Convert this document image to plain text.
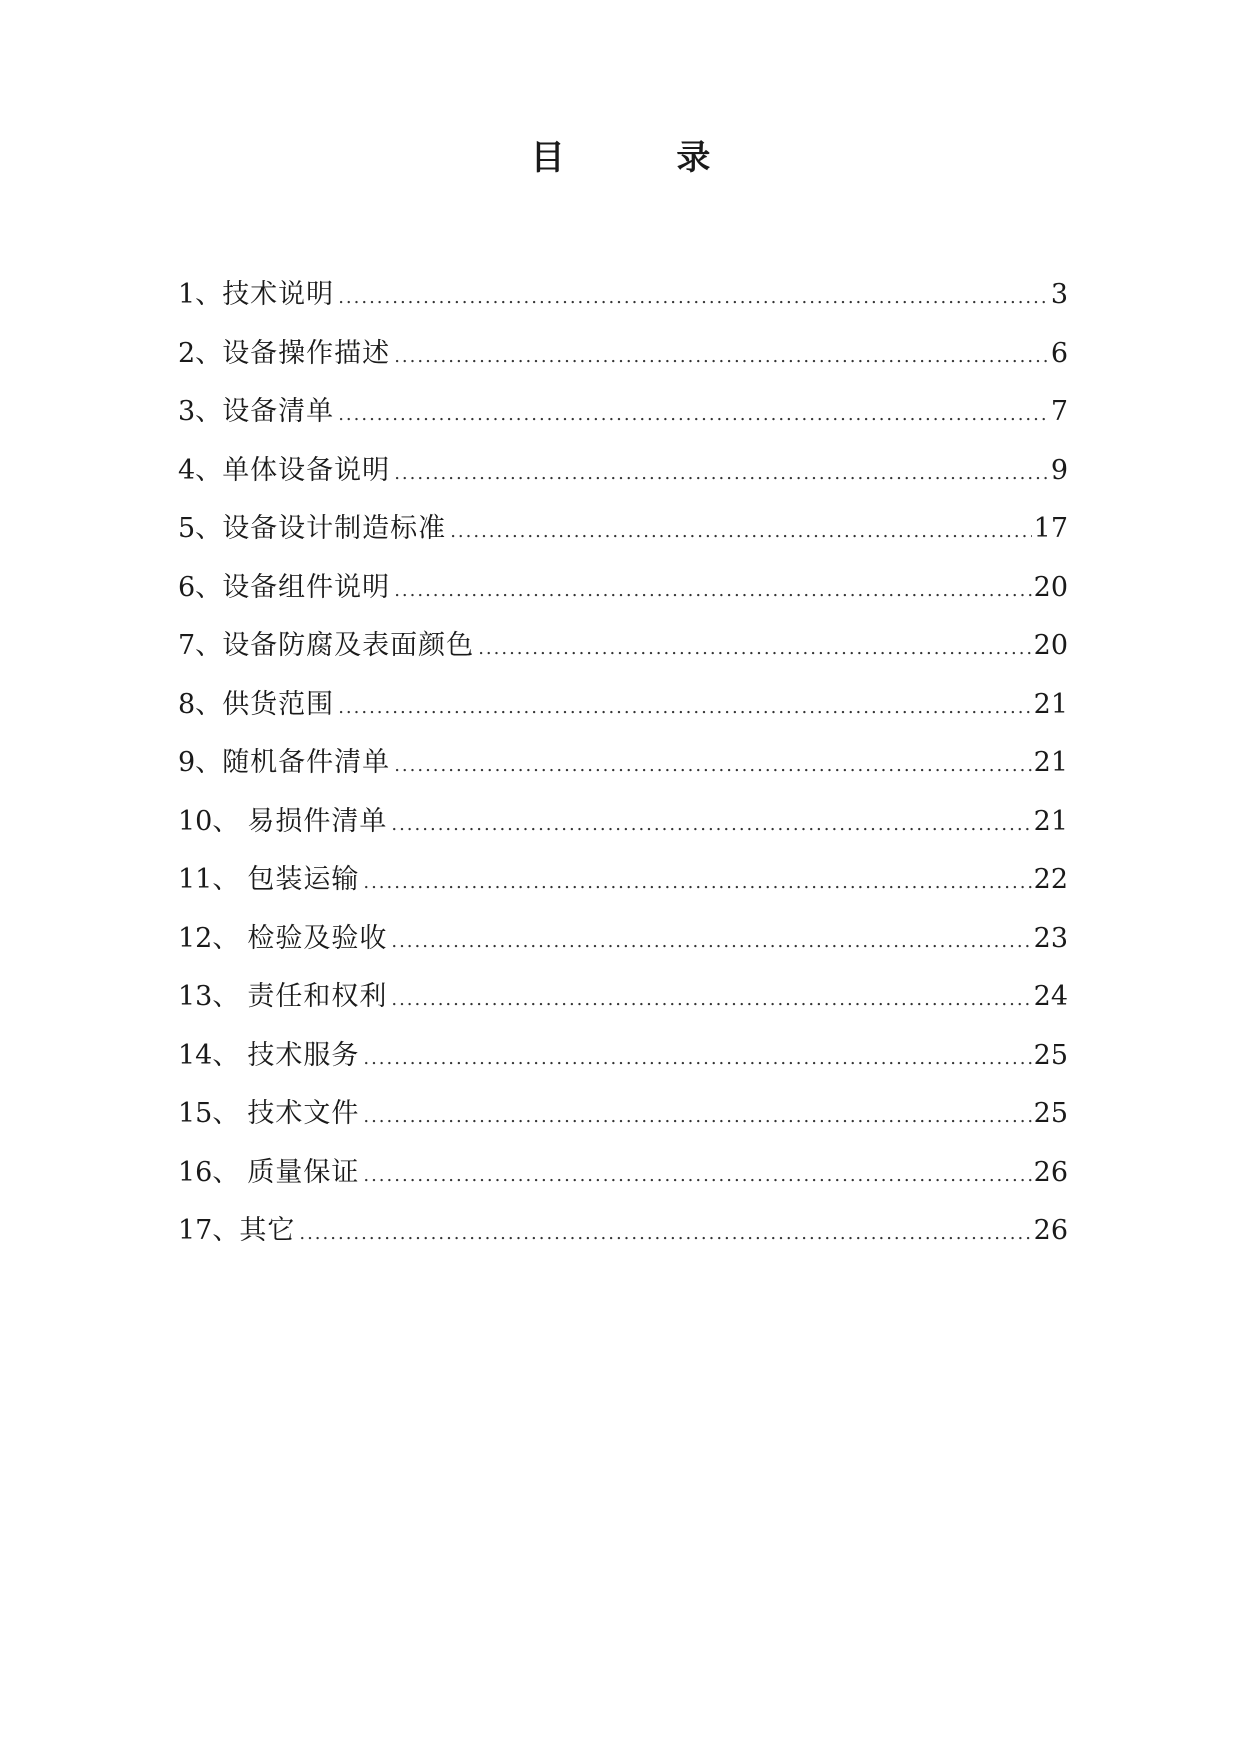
目 录
1、 技术说明 .....	3
2、 设备操作描述 .....	6
3、 设备清单 .....	7
4、 单体设备说明 .....	9
5、 设备设计制造标准 .....	17
6、 设备组件说明 .....	20
7、 设备防腐及表面颜色 .....	20
8、 供货范围 .....	21
9、 随机备件清单 .....	21
10、 易损件清单 .....	21
11、 包装运输 .....	22
12、 检验及验收 .....	23
13、 责任和权利 .....	24
14、 技术服务 .....	25
15、 技术文件 .....	25
16、 质量保证 .....	26
17、 其它 .....	26
